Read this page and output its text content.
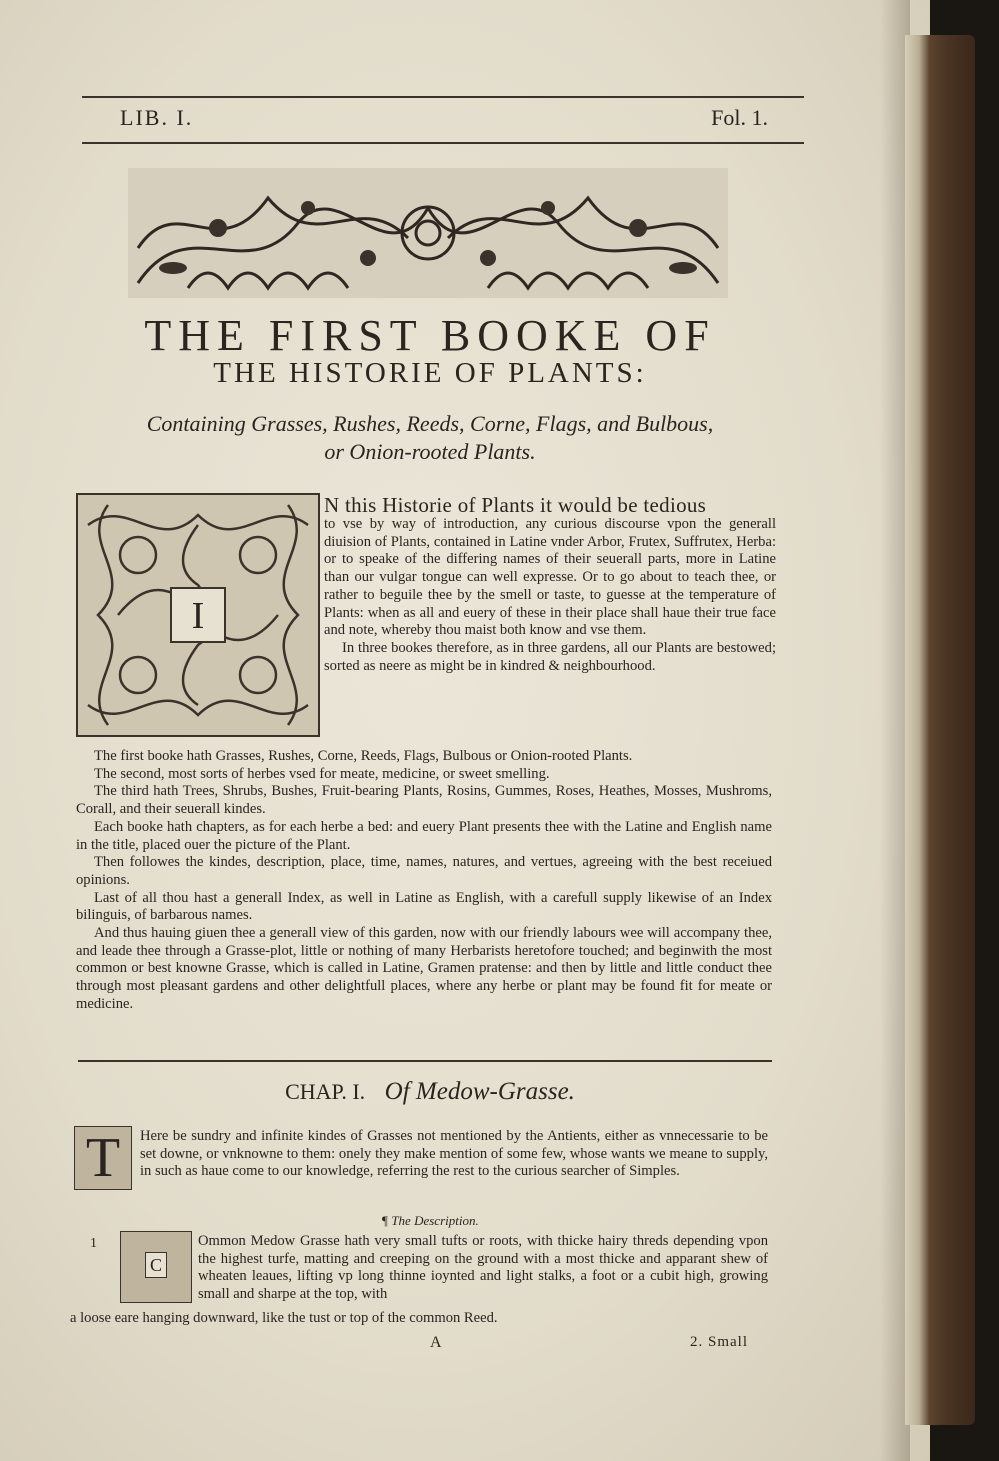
LIB. I.	Fol. 1.
THE FIRST BOOKE OF
THE HISTORIE OF PLANTS:
Containing Grasses, Rushes, Reeds, Corne, Flags, and Bulbous,
or Onion-rooted Plants.
I
N this Historie of Plants it would be tedious

to vse by way of introduction, any curious discourse vpon the generall diuision of Plants, contained in Latine vnder Arbor, Frutex, Suffrutex, Herba: or to speake of the differing names of their seuerall parts, more in Latine than our vulgar tongue can well expresse. Or to go about to teach thee, or rather to beguile thee by the smell or taste, to guesse at the temperature of Plants: when as all and euery of these in their place shall haue their true face and note, whereby thou maist both know and vse them.

In three bookes therefore, as in three gardens, all our Plants are bestowed; sorted as neere as might be in kindred & neighbourhood.

The first booke hath Grasses, Rushes, Corne, Reeds, Flags, Bulbous or Onion-rooted Plants.

The second, most sorts of herbes vsed for meate, medicine, or sweet smelling.

The third hath Trees, Shrubs, Bushes, Fruit-bearing Plants, Rosins, Gummes, Roses, Heathes, Mosses, Mushroms, Corall, and their seuerall kindes.

Each booke hath chapters, as for each herbe a bed: and euery Plant presents thee with the Latine and English name in the title, placed ouer the picture of the Plant.

Then followes the kindes, description, place, time, names, natures, and vertues, agreeing with the best receiued opinions.

Last of all thou hast a generall Index, as well in Latine as English, with a carefull supply likewise of an Index bilinguis, of barbarous names.

And thus hauing giuen thee a generall view of this garden, now with our friendly labours wee will accompany thee, and leade thee through a Grasse-plot, little or nothing of many Herbarists heretofore touched; and beginwith the most common or best knowne Grasse, which is called in Latine, Gramen pratense: and then by little and little conduct thee through most pleasant gardens and other delightfull places, where any herbe or plant may be found fit for meate or medicine.

CHAP. I. Of Medow-Grasse.
T	Here be sundry and infinite kindes of Grasses not mentioned by the Antients, either as vnnecessarie to be set downe, or vnknowne to them: onely they make mention of some few, whose wants we meane to supply, in such as haue come to our knowledge, referring the rest to the curious searcher of Simples.
¶ The Description.
1
C
Ommon Medow Grasse hath very small tufts or roots, with thicke hairy threds depending vpon the highest turfe, matting and creeping on the ground with a most thicke and apparant shew of wheaten leaues, lifting vp long thinne ioynted and light stalks, a foot or a cubit high, growing small and sharpe at the top, with
a loose eare hanging downward, like the tust or top of the common Reed.
A	2. Small
